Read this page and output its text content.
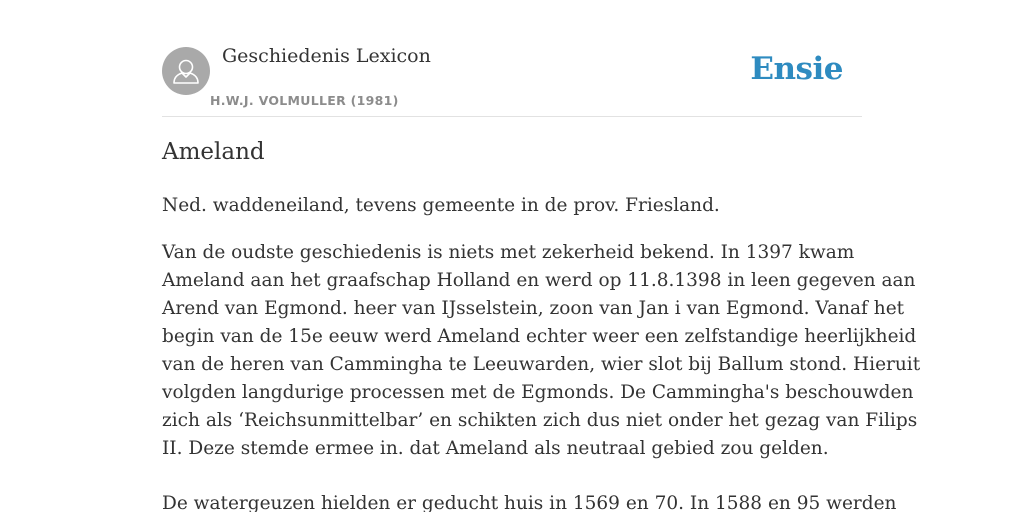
Geschiedenis Lexicon
H.W.J. VOLMULLER (1981)
Ensie
Ameland

Ned. waddeneiland, tevens gemeente in de prov. Friesland.

Van de oudste geschiedenis is niets met zekerheid bekend. In 1397 kwam
Ameland aan het graafschap Holland en werd op 11.8.1398 in leen gegeven aan
Arend van Egmond. heer van IJsselstein, zoon van Jan i van Egmond. Vanaf het
begin van de 15e eeuw werd Ameland echter weer een zelfstandige heerlijkheid
van de heren van Cammingha te Leeuwarden, wier slot bij Ballum stond. Hieruit
volgden langdurige processen met de Egmonds. De Cammingha's beschouwden
zich als ‘Reichsunmittelbar’ en schikten zich dus niet onder het gezag van Filips
II. Deze stemde ermee in. dat Ameland als neutraal gebied zou gelden.

De watergeuzen hielden er geducht huis in 1569 en 70. In 1588 en 95 werden
